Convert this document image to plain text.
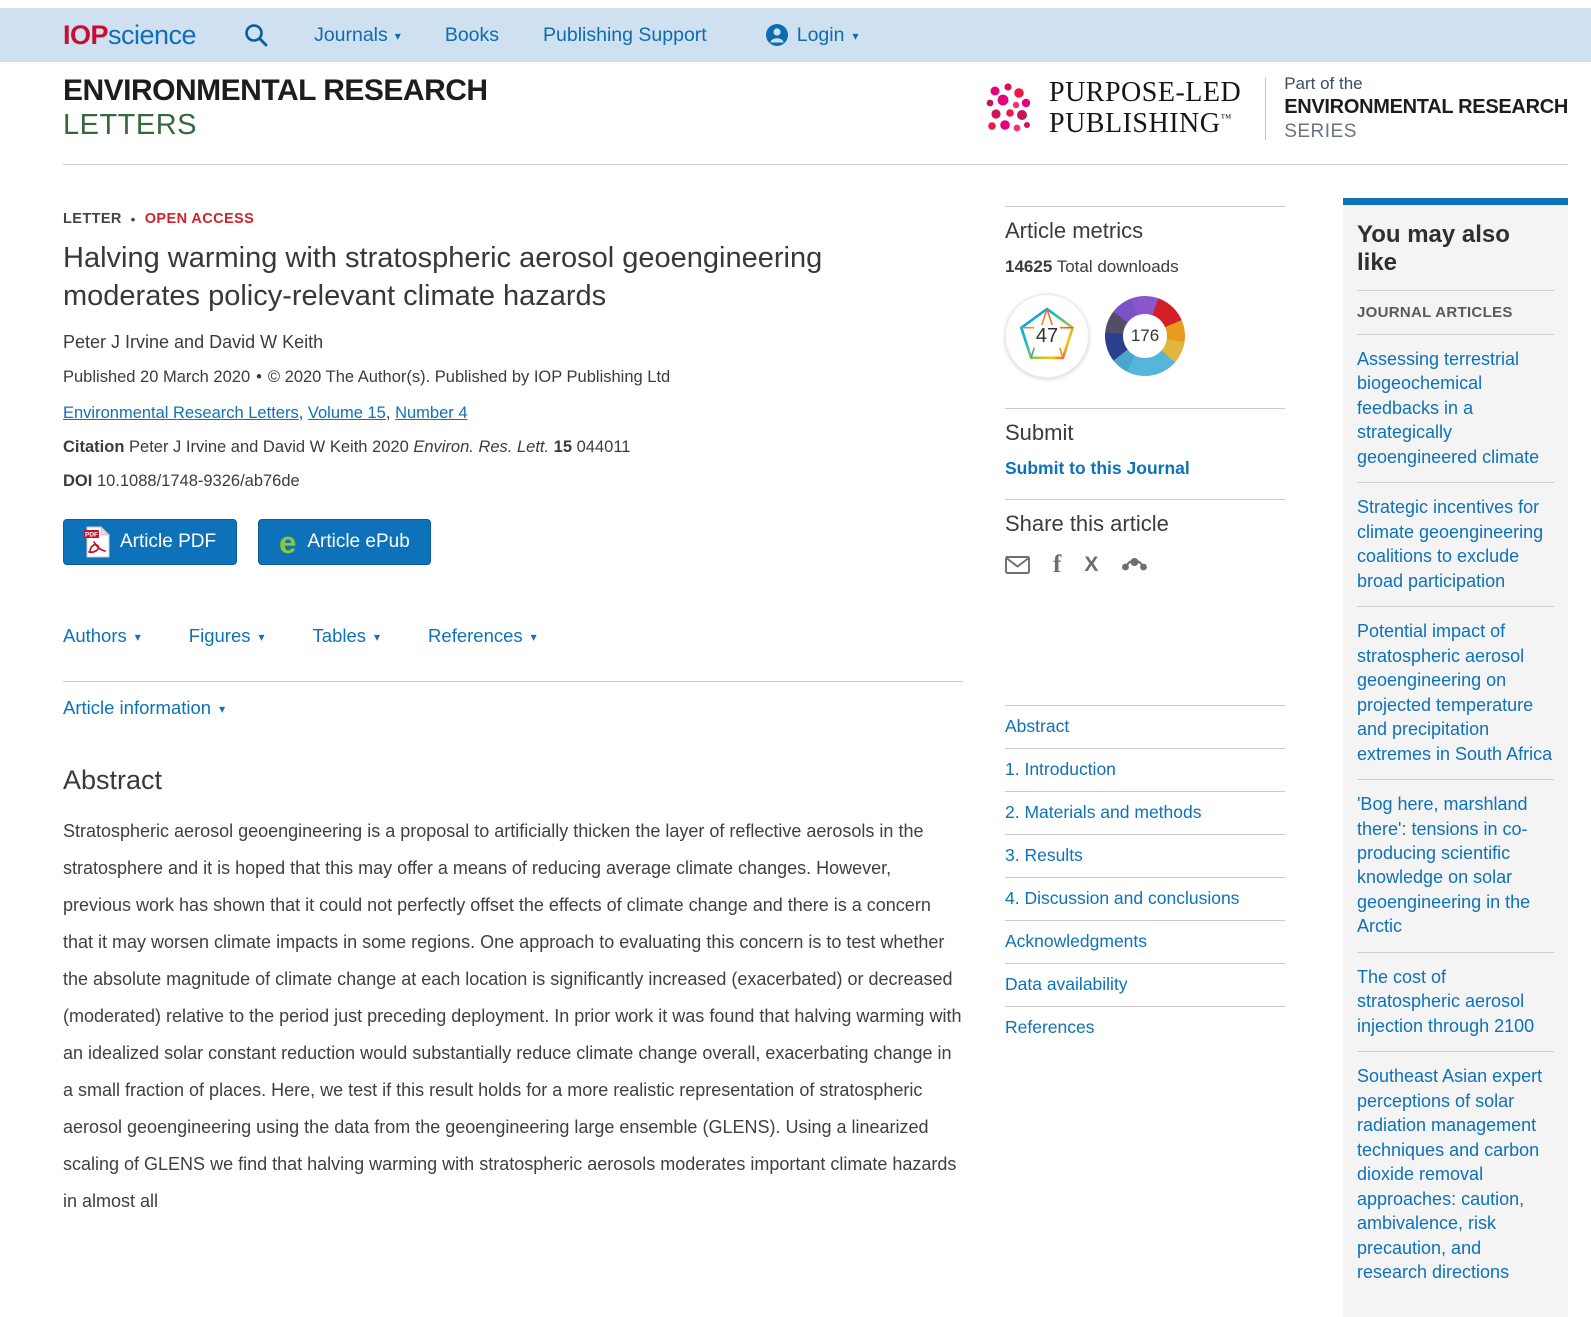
IOPscience	Journals ▾ Books Publishing Support	Login ▾
ENVIRONMENTAL RESEARCH
LETTERS
PURPOSE-LED
PUBLISHING™
Part of the
ENVIRONMENTAL RESEARCH
SERIES
LETTER • OPEN ACCESS
Halving warming with stratospheric aerosol geoengineering moderates policy-relevant climate hazards
Peter J Irvine and David W Keith
Published 20 March 2020 • © 2020 The Author(s). Published by IOP Publishing Ltd
Environmental Research Letters, Volume 15, Number 4
Citation Peter J Irvine and David W Keith 2020 Environ. Res. Lett. 15 044011
DOI 10.1088/1748-9326/ab76de
PDF Article PDF e Article ePub
Authors ▾	Figures ▾	Tables ▾	References ▾
Article information ▾
Abstract

Stratospheric aerosol geoengineering is a proposal to artificially thicken the layer of reflective aerosols in the stratosphere and it is hoped that this may offer a means of reducing average climate changes. However, previous work has shown that it could not perfectly offset the effects of climate change and there is a concern that it may worsen climate impacts in some regions. One approach to evaluating this concern is to test whether the absolute magnitude of climate change at each location is significantly increased (exacerbated) or decreased (moderated) relative to the period just preceding deployment. In prior work it was found that halving warming with an idealized solar constant reduction would substantially reduce climate change overall, exacerbating change in a small fraction of places. Here, we test if this result holds for a more realistic representation of stratospheric aerosol geoengineering using the data from the geoengineering large ensemble (GLENS). Using a linearized scaling of GLENS we find that halving warming with stratospheric aerosols moderates important climate hazards in almost all

Article metrics
14625 Total downloads
47	176
Submit
Submit to this Journal
Share this article
f X
Abstract
1. Introduction
2. Materials and methods
3. Results
4. Discussion and conclusions
Acknowledgments
Data availability
References
You may also like
JOURNAL ARTICLES
Assessing terrestrial biogeochemical feedbacks in a strategically geoengineered climate
Strategic incentives for climate geoengineering coalitions to exclude broad participation
Potential impact of stratospheric aerosol geoengineering on projected temperature and precipitation extremes in South Africa
'Bog here, marshland there': tensions in co-producing scientific knowledge on solar geoengineering in the Arctic
The cost of stratospheric aerosol injection through 2100
Southeast Asian expert perceptions of solar radiation management techniques and carbon dioxide removal approaches: caution, ambivalence, risk precaution, and research directions
